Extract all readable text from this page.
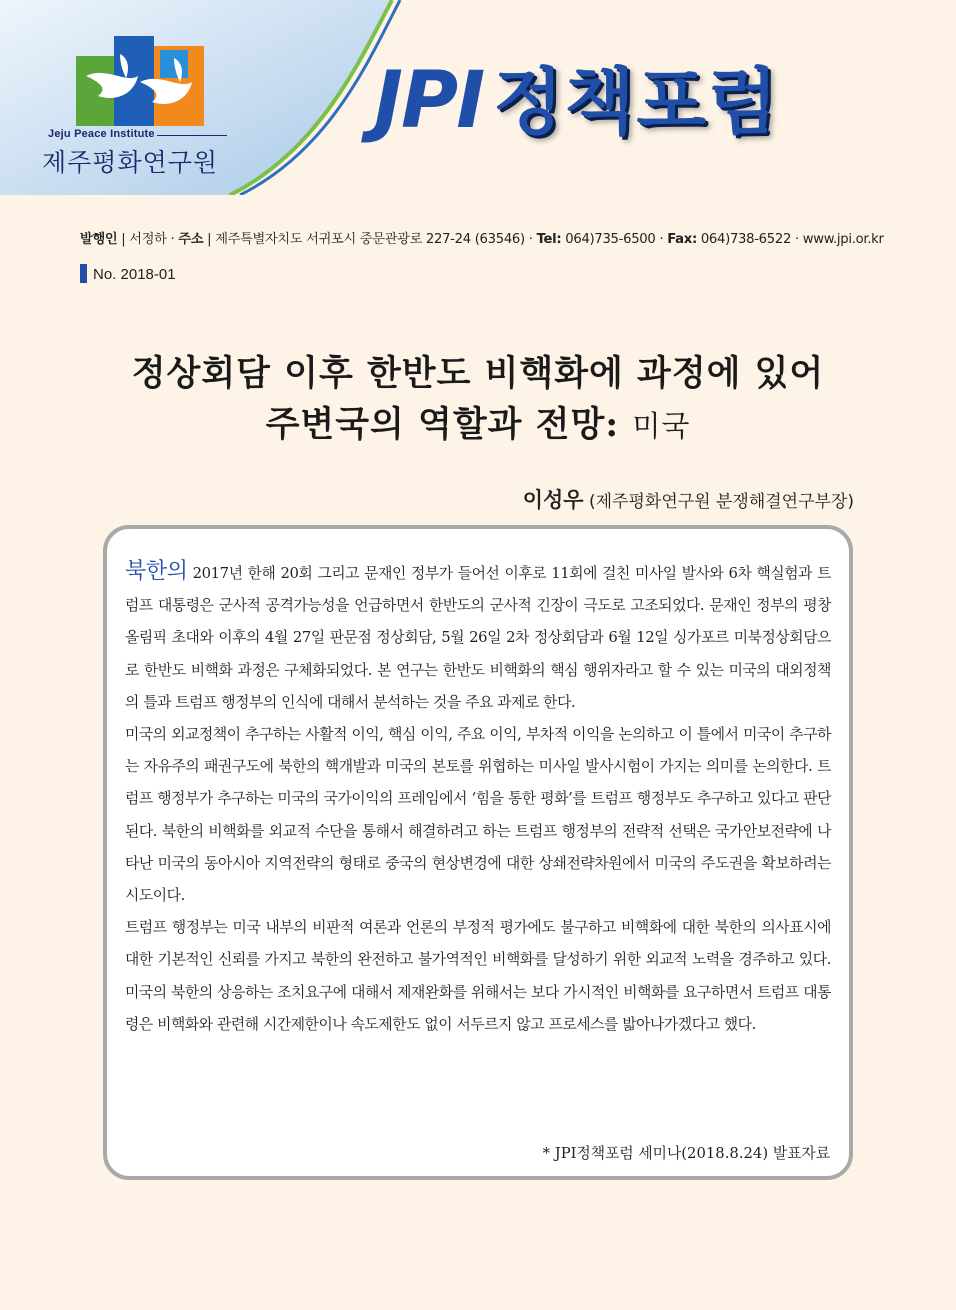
Jeju Peace Institute
제주평화연구원
JPI 정책포럼
발행인 | 서정하 · 주소 | 제주특별자치도 서귀포시 중문관광로 227-24 (63546) · Tel: 064)735-6500 · Fax: 064)738-6522 · www.jpi.or.kr
No. 2018-01
정상회담 이후 한반도 비핵화에 과정에 있어
주변국의 역할과 전망: 미국
이성우 (제주평화연구원 분쟁해결연구부장)

북한의 2017년 한해 20회 그리고 문재인 정부가 들어선 이후로 11회에 걸친 미사일 발사와 6차 핵실험과 트럼프 대통령은 군사적 공격가능성을 언급하면서 한반도의 군사적 긴장이 극도로 고조되었다. 문재인 정부의 평창올림픽 초대와 이후의 4월 27일 판문점 정상회담, 5월 26일 2차 정상회담과 6월 12일 싱가포르 미북정상회담으로 한반도 비핵화 과정은 구체화되었다. 본 연구는 한반도 비핵화의 핵심 행위자라고 할 수 있는 미국의 대외정책의 틀과 트럼프 행정부의 인식에 대해서 분석하는 것을 주요 과제로 한다.

미국의 외교정책이 추구하는 사활적 이익, 핵심 이익, 주요 이익, 부차적 이익을 논의하고 이 틀에서 미국이 추구하는 자유주의 패권구도에 북한의 핵개발과 미국의 본토를 위협하는 미사일 발사시험이 가지는 의미를 논의한다. 트럼프 행정부가 추구하는 미국의 국가이익의 프레임에서 ‘힘을 통한 평화’를 트럼프 행정부도 추구하고 있다고 판단된다. 북한의 비핵화를 외교적 수단을 통해서 해결하려고 하는 트럼프 행정부의 전략적 선택은 국가안보전략에 나타난 미국의 동아시아 지역전략의 형태로 중국의 현상변경에 대한 상쇄전략차원에서 미국의 주도권을 확보하려는 시도이다.

트럼프 행정부는 미국 내부의 비판적 여론과 언론의 부정적 평가에도 불구하고 비핵화에 대한 북한의 의사표시에 대한 기본적인 신뢰를 가지고 북한의 완전하고 불가역적인 비핵화를 달성하기 위한 외교적 노력을 경주하고 있다. 미국의 북한의 상응하는 조치요구에 대해서 제재완화를 위해서는 보다 가시적인 비핵화를 요구하면서 트럼프 대통령은 비핵화와 관련해 시간제한이나 속도제한도 없이 서두르지 않고 프로세스를 밟아나가겠다고 했다.

* JPI정책포럼 세미나(2018.8.24) 발표자료
